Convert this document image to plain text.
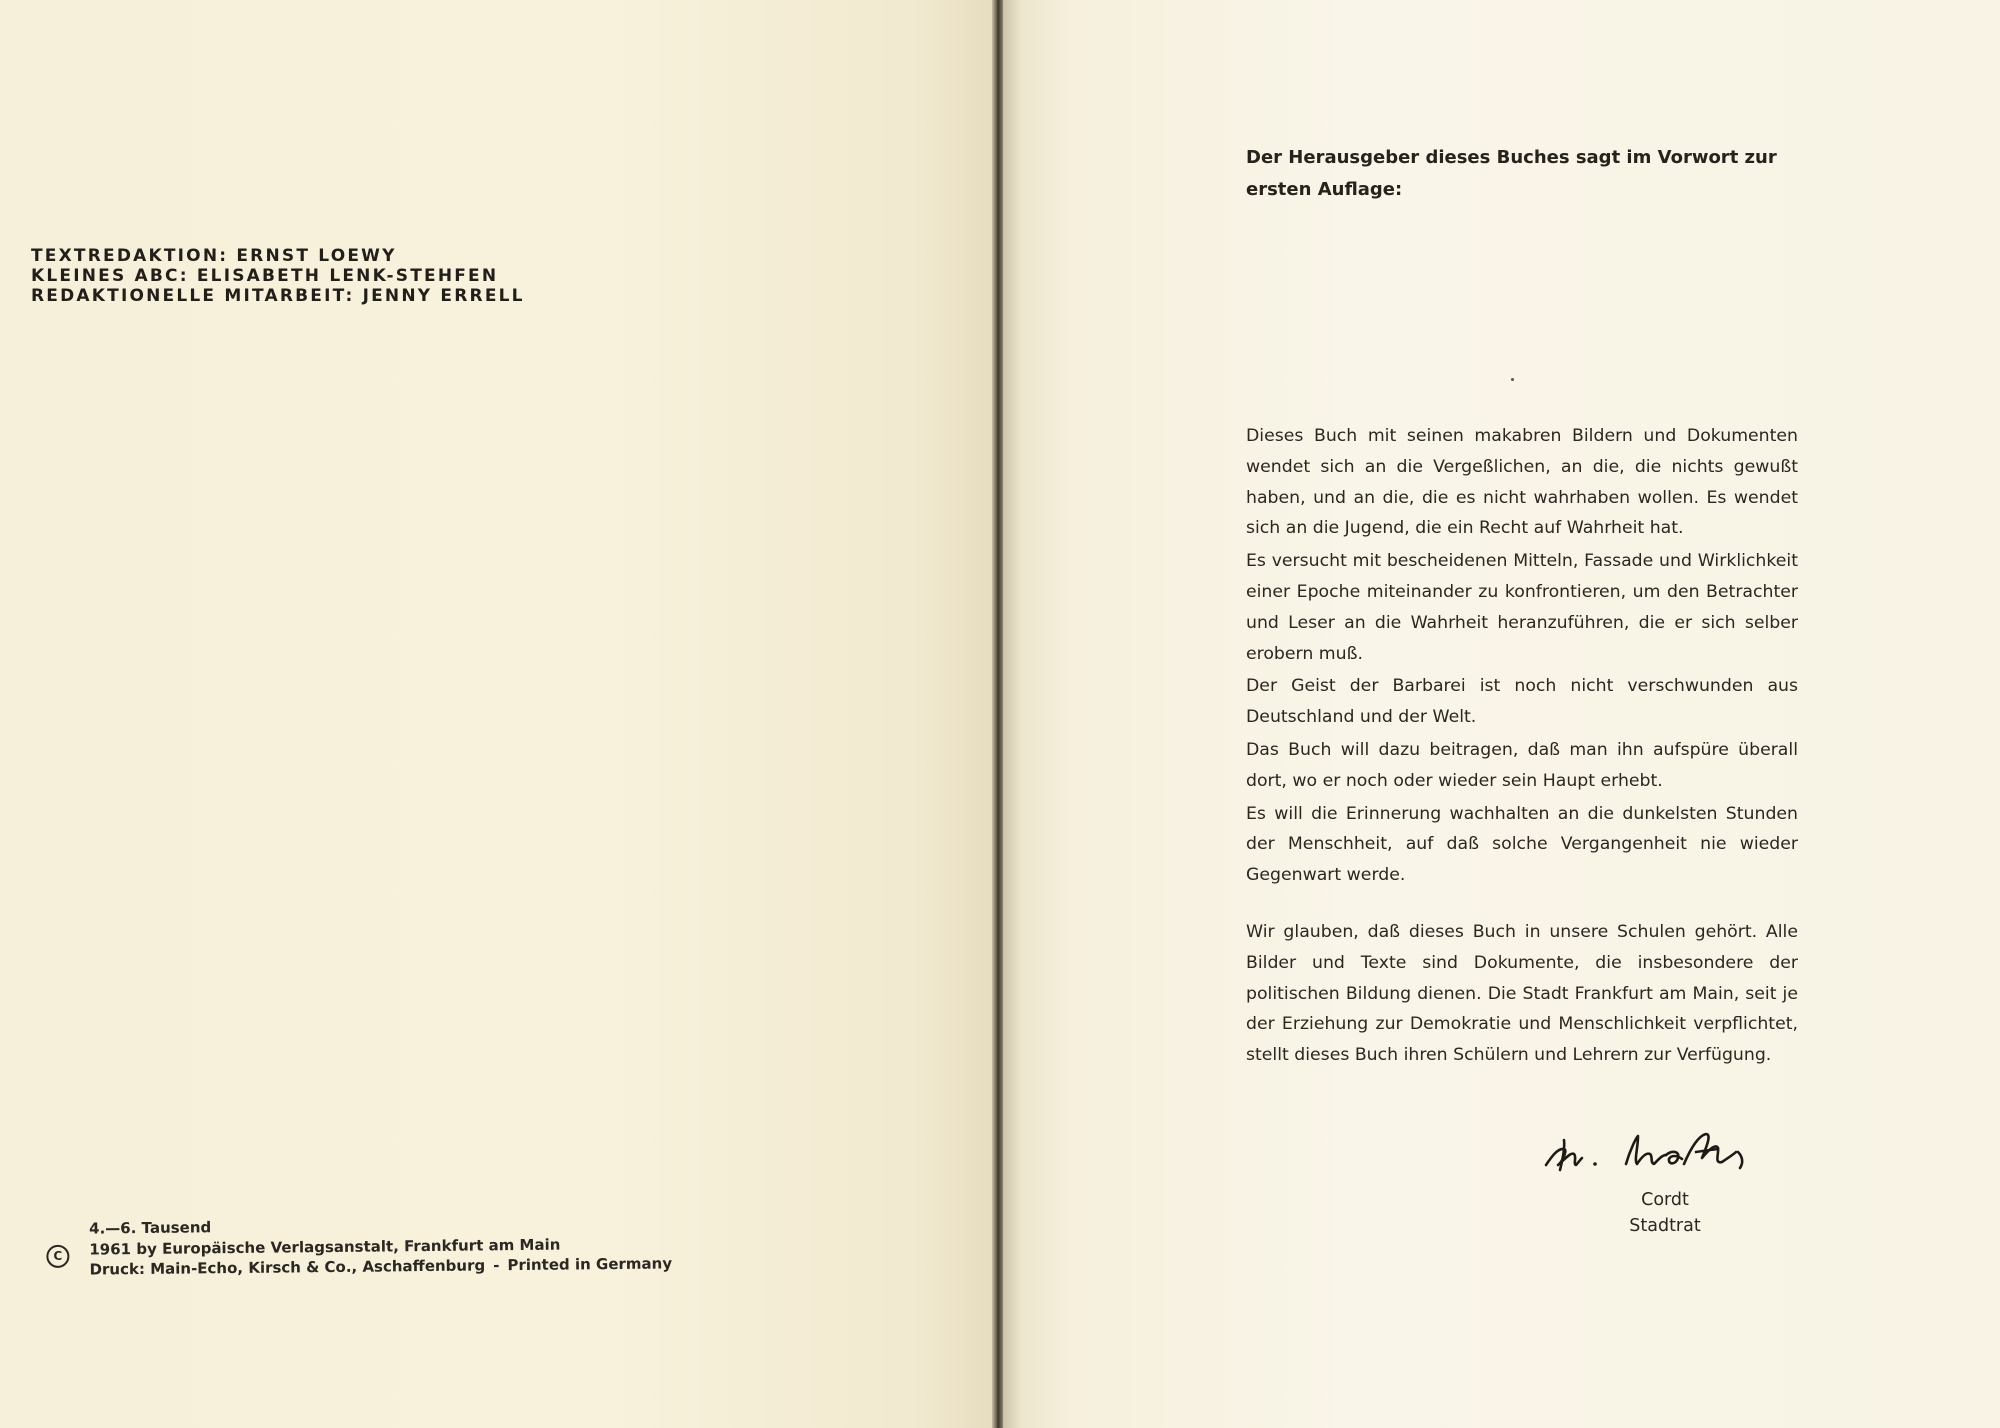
TEXTREDAKTION: ERNST LOEWY
KLEINES ABC: ELISABETH LENK-STEHFEN
REDAKTIONELLE MITARBEIT: JENNY ERRELL
C
4.—6. Tausend
1961 by Europäische Verlagsanstalt, Frankfurt am Main
Druck: Main-Echo, Kirsch & Co., Aschaffenburg - Printed in Germany

Der Herausgeber dieses Buches sagt im Vorwort zur ersten Auflage:

Dieses Buch mit seinen makabren Bildern und Dokumenten wendet sich an die Vergeßlichen, an die, die nichts gewußt haben, und an die, die es nicht wahrhaben wollen. Es wendet sich an die Jugend, die ein Recht auf Wahrheit hat.

Es versucht mit bescheidenen Mitteln, Fassade und Wirklichkeit einer Epoche miteinander zu konfrontieren, um den Betrachter und Leser an die Wahrheit heranzuführen, die er sich selber erobern muß.

Der Geist der Barbarei ist noch nicht verschwunden aus Deutschland und der Welt.

Das Buch will dazu beitragen, daß man ihn aufspüre überall dort, wo er noch oder wieder sein Haupt erhebt.

Es will die Erinnerung wachhalten an die dunkelsten Stunden der Menschheit, auf daß solche Vergangenheit nie wieder Gegenwart werde.

Wir glauben, daß dieses Buch in unsere Schulen gehört. Alle Bilder und Texte sind Dokumente, die insbesondere der politischen Bildung dienen. Die Stadt Frankfurt am Main, seit je der Erziehung zur Demokratie und Menschlichkeit verpflichtet, stellt dieses Buch ihren Schülern und Lehrern zur Verfügung.

Cordt
Stadtrat
